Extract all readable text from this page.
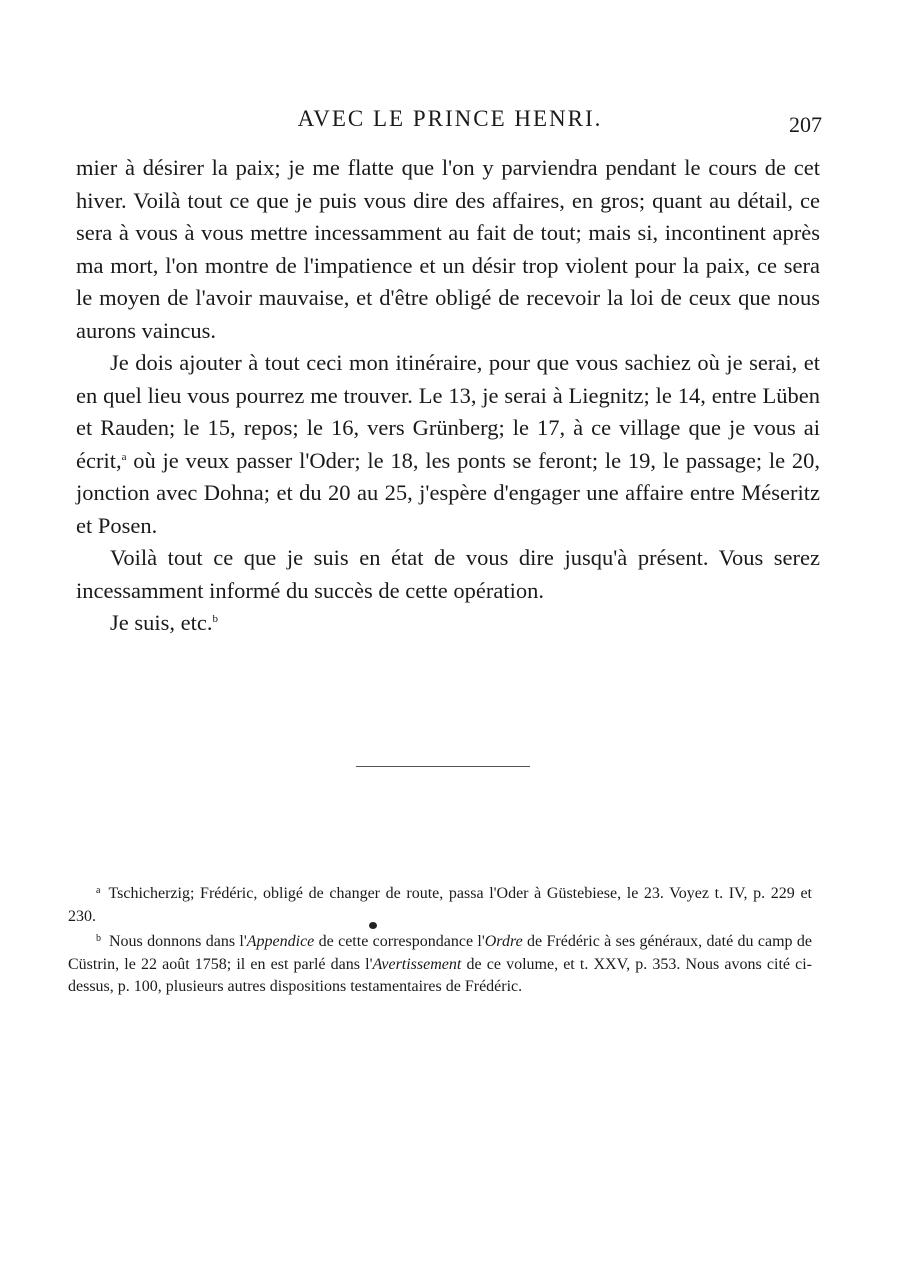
AVEC LE PRINCE HENRI.	207

mier à désirer la paix; je me flatte que l'on y parviendra pendant le cours de cet hiver. Voilà tout ce que je puis vous dire des affaires, en gros; quant au détail, ce sera à vous à vous mettre incessamment au fait de tout; mais si, incontinent après ma mort, l'on montre de l'impatience et un désir trop violent pour la paix, ce sera le moyen de l'avoir mauvaise, et d'être obligé de recevoir la loi de ceux que nous aurons vaincus.

Je dois ajouter à tout ceci mon itinéraire, pour que vous sachiez où je serai, et en quel lieu vous pourrez me trouver. Le 13, je serai à Liegnitz; le 14, entre Lüben et Rauden; le 15, repos; le 16, vers Grünberg; le 17, à ce village que je vous ai écrit,$^a$ où je veux passer l'Oder; le 18, les ponts se feront; le 19, le passage; le 20, jonction avec Dohna; et du 20 au 25, j'espère d'engager une affaire entre Méseritz et Posen.

Voilà tout ce que je suis en état de vous dire jusqu'à présent. Vous serez incessamment informé du succès de cette opération.

Je suis, etc.$^b$

$^a$ Tschicherzig; Frédéric, obligé de changer de route, passa l'Oder à Güstebiese, le 23. Voyez t. IV, p. 229 et 230.

$^b$ Nous donnons dans l'Appendice de cette correspondance l'Ordre de Frédéric à ses généraux, daté du camp de Cüstrin, le 22 août 1758; il en est parlé dans l'Avertissement de ce volume, et t. XXV, p. 353. Nous avons cité ci-dessus, p. 100, plusieurs autres dispositions testamentaires de Frédéric.
